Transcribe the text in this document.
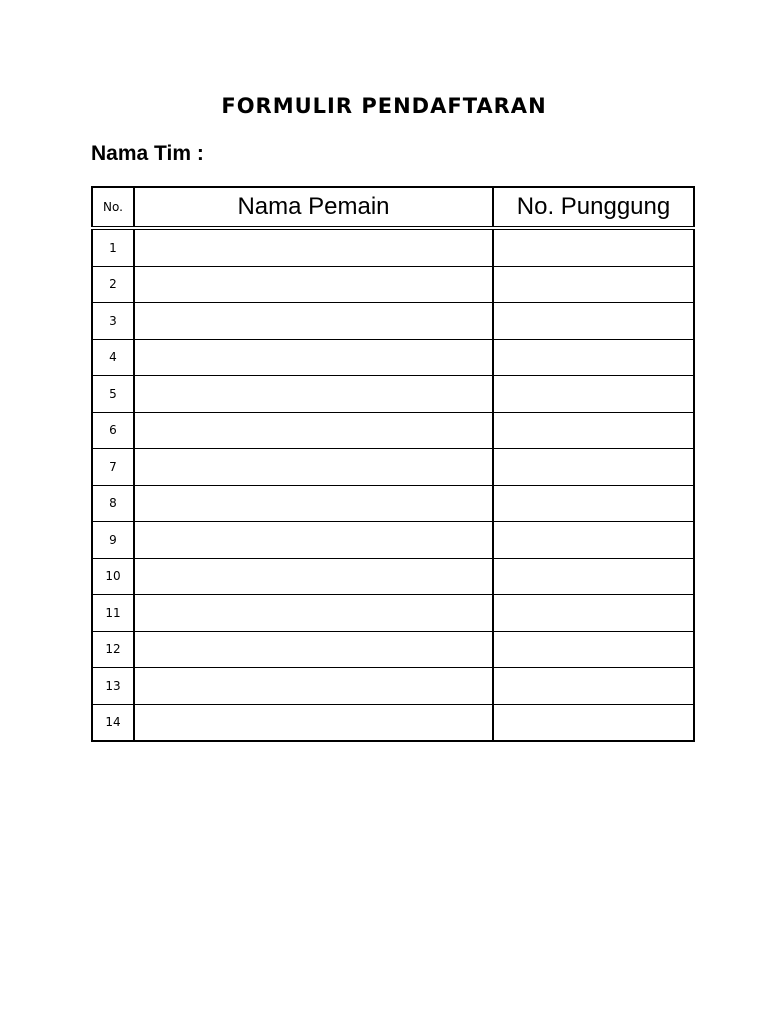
FORMULIR PENDAFTARAN
Nama Tim :
No.	Nama Pemain	No. Punggung
1		
2		
3		
4		
5		
6		
7		
8		
9		
10		
11		
12		
13		
14		
